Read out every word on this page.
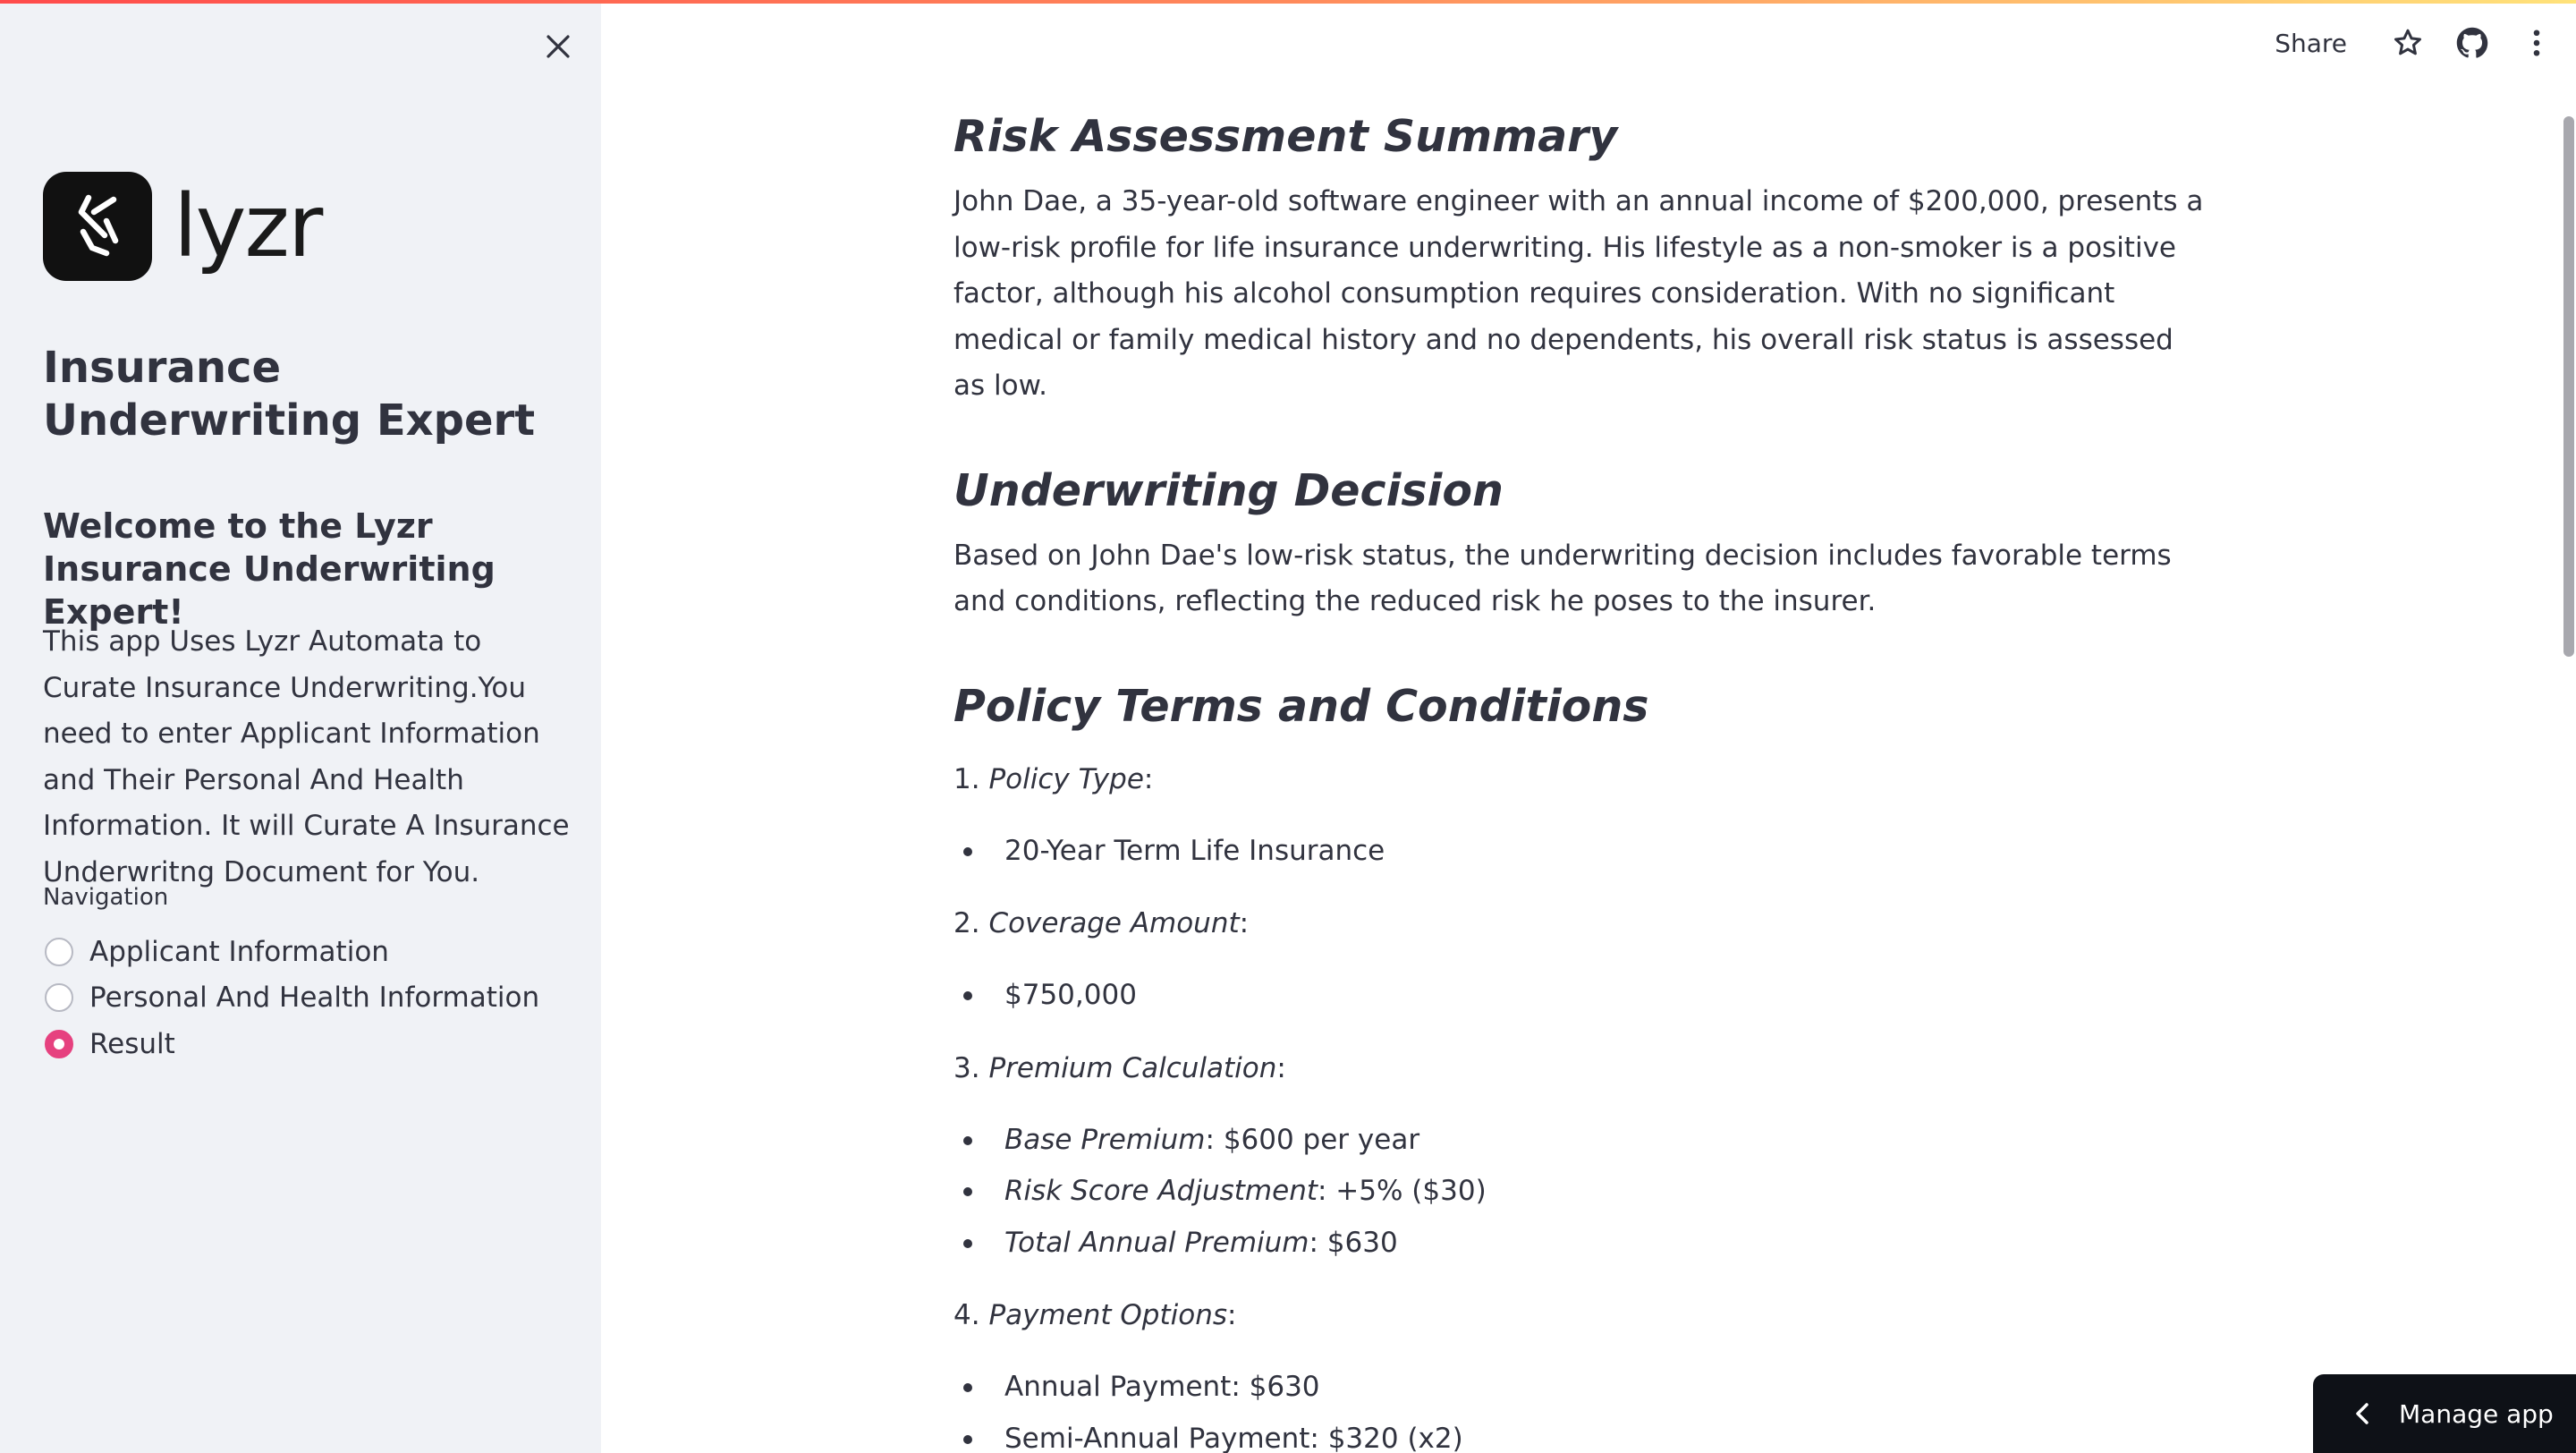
lyzr
Insurance Underwriting Expert
Welcome to the Lyzr Insurance Underwriting Expert!
This app Uses Lyzr Automata to Curate Insurance Underwriting.You need to enter Applicant Information and Their Personal And Health Information. It will Curate A Insurance Underwritng Document for You.
Navigation
Applicant Information
Personal And Health Information
Result
Share
Risk Assessment Summary

John Dae, a 35-year-old software engineer with an annual income of $200,000, presents a low-risk profile for life insurance underwriting. His lifestyle as a non-smoker is a positive factor, although his alcohol consumption requires consideration. With no significant medical or family medical history and no dependents, his overall risk status is assessed as low.

Underwriting Decision

Based on John Dae's low-risk status, the underwriting decision includes favorable terms and conditions, reflecting the reduced risk he poses to the insurer.

Policy Terms and Conditions
1. Policy Type:
20-Year Term Life Insurance
2. Coverage Amount:
$750,000
3. Premium Calculation:
Base Premium: $600 per year
Risk Score Adjustment: +5% ($30)
Total Annual Premium: $630
4. Payment Options:
Annual Payment: $630
Semi-Annual Payment: $320 (x2)
Manage app
